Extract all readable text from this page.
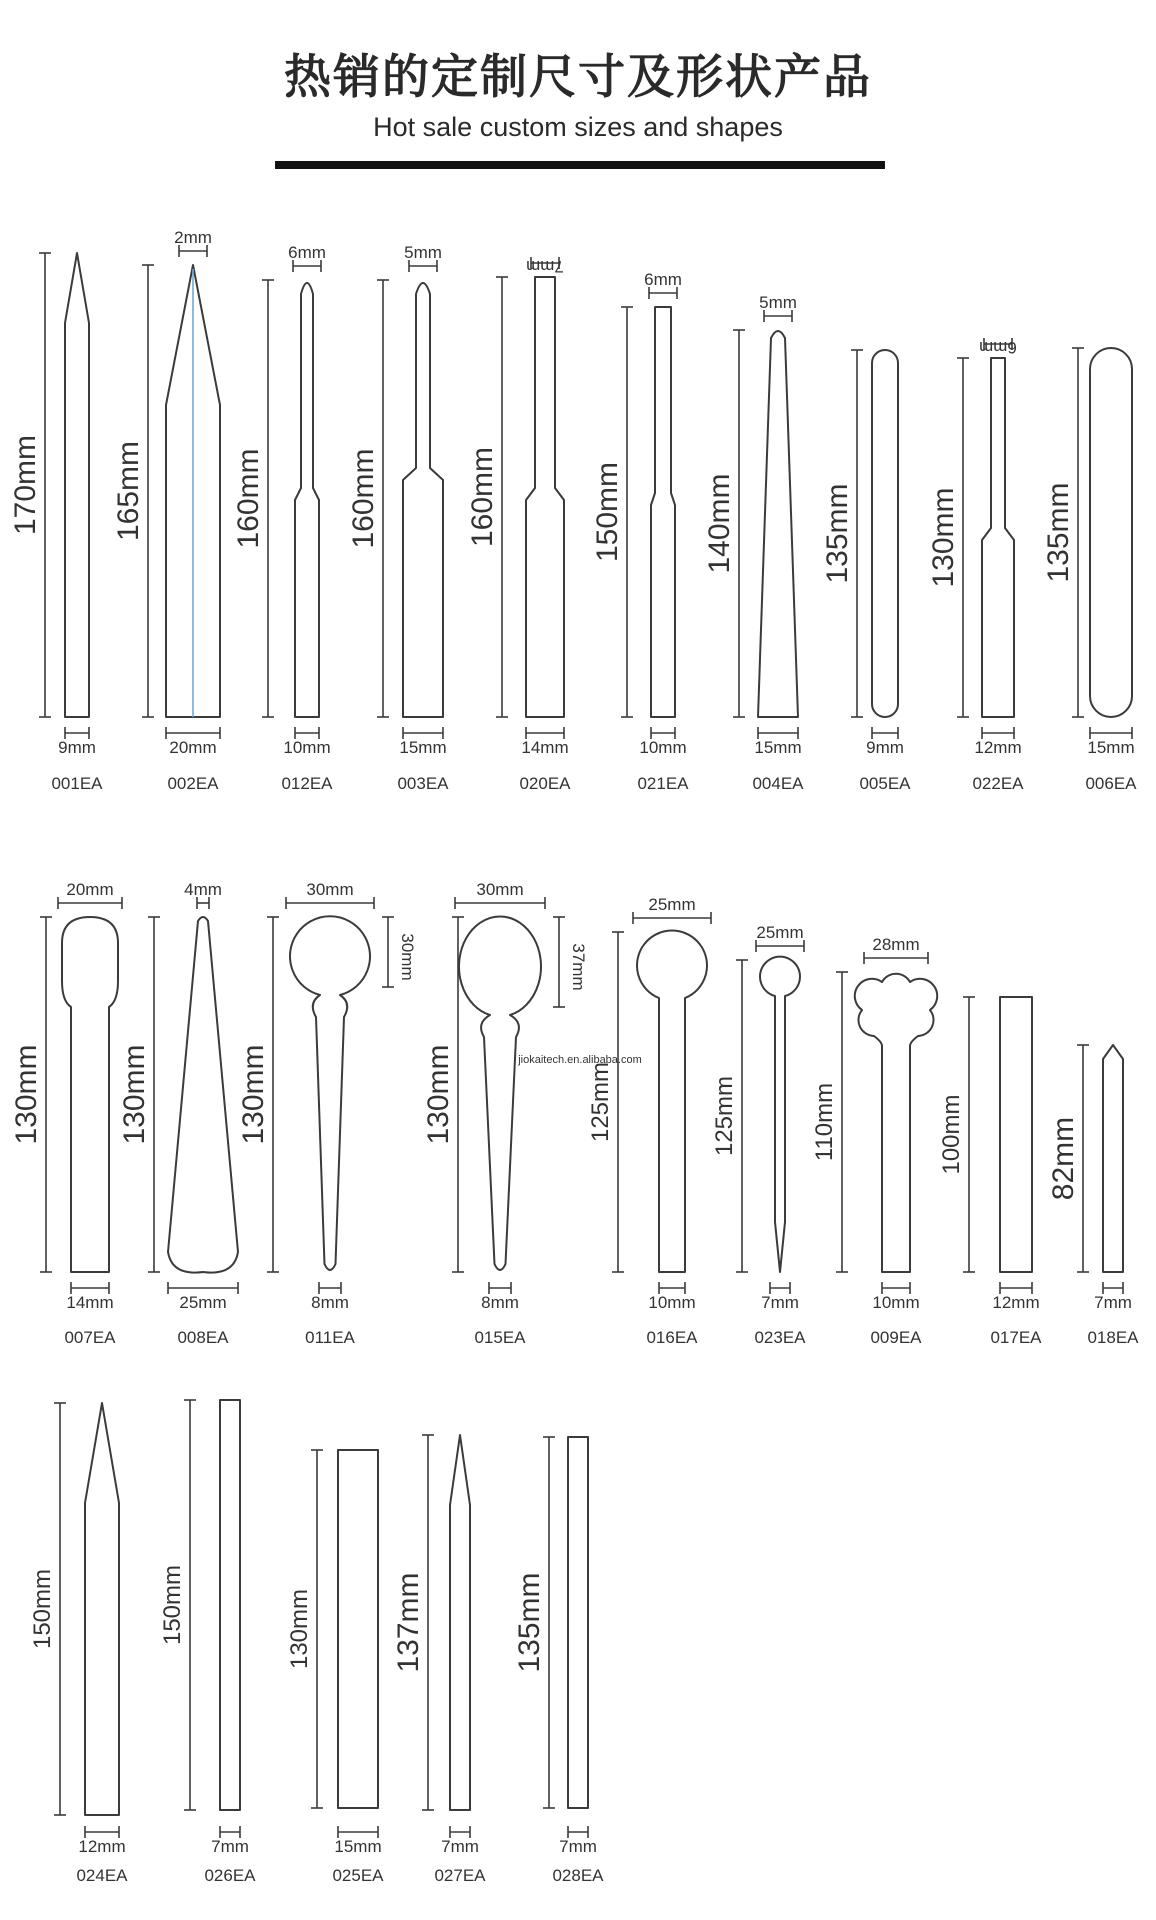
热销的定制尺寸及形状产品
Hot sale custom sizes and shapes
170mm
9mm
001EA
165mm
20mm
2mm
002EA
160mm
10mm
6mm
012EA
160mm
15mm
5mm
003EA
160mm
14mm
7mm
020EA
150mm
10mm
6mm
021EA
140mm
15mm
5mm
004EA
135mm
9mm
005EA
130mm
12mm
6mm
022EA
135mm
15mm
006EA
130mm
14mm
20mm
007EA
130mm
25mm
4mm
008EA
130mm
8mm
30mm
30mm
011EA
130mm
8mm
30mm
37mm
015EA
125mm
10mm
25mm
016EA
125mm
7mm
25mm
023EA
110mm
10mm
28mm
009EA
100mm
12mm
017EA
82mm
7mm
018EA
150mm
12mm
024EA
150mm
7mm
026EA
130mm
15mm
025EA
137mm
7mm
027EA
135mm
7mm
028EA
jiokaitech.en.alibaba.com
